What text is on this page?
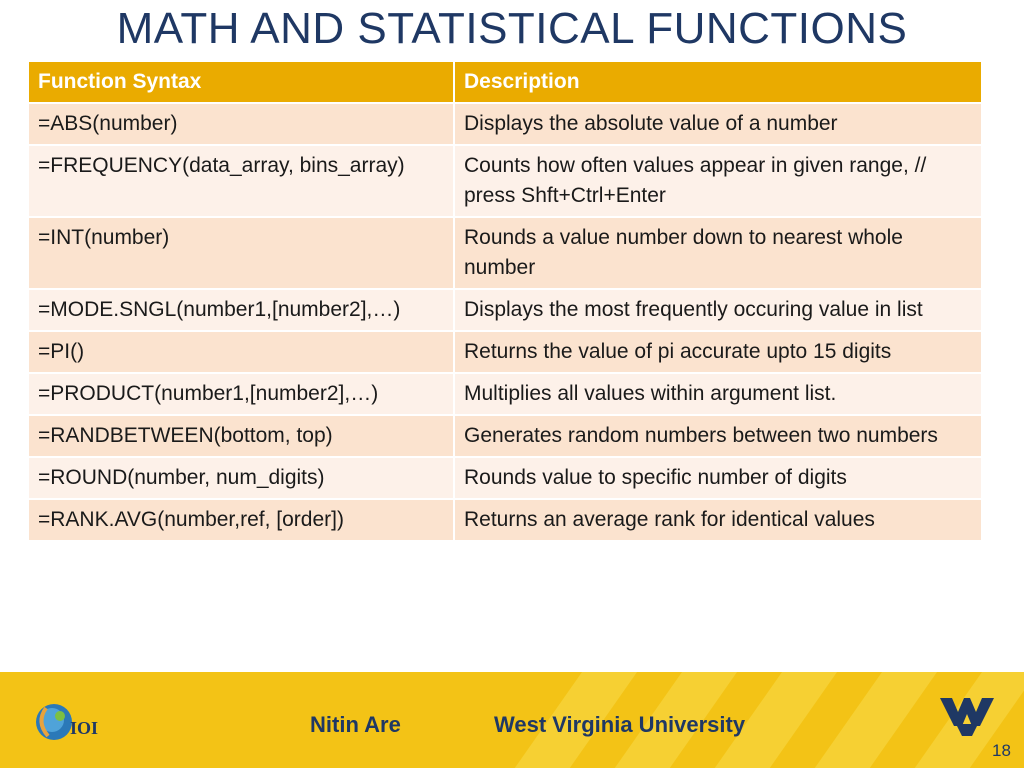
MATH AND STATISTICAL FUNCTIONS
Function Syntax	Description
=ABS(number)	Displays the absolute value of a number
=FREQUENCY(data_array, bins_array)	Counts how often values appear in given range, // press Shft+Ctrl+Enter
=INT(number)	Rounds a value number down to nearest whole number
=MODE.SNGL(number1,[number2],…)	Displays the most frequently occuring value in list
=PI()	Returns the value of pi accurate upto 15 digits
=PRODUCT(number1,[number2],…)	Multiplies all values within argument list.
=RANDBETWEEN(bottom, top)	Generates random numbers between two numbers
=ROUND(number, num_digits)	Rounds value to specific number of digits
=RANK.AVG(number,ref, [order])	Returns an average rank for identical values
IOI	Nitin Are	West Virginia University
18
